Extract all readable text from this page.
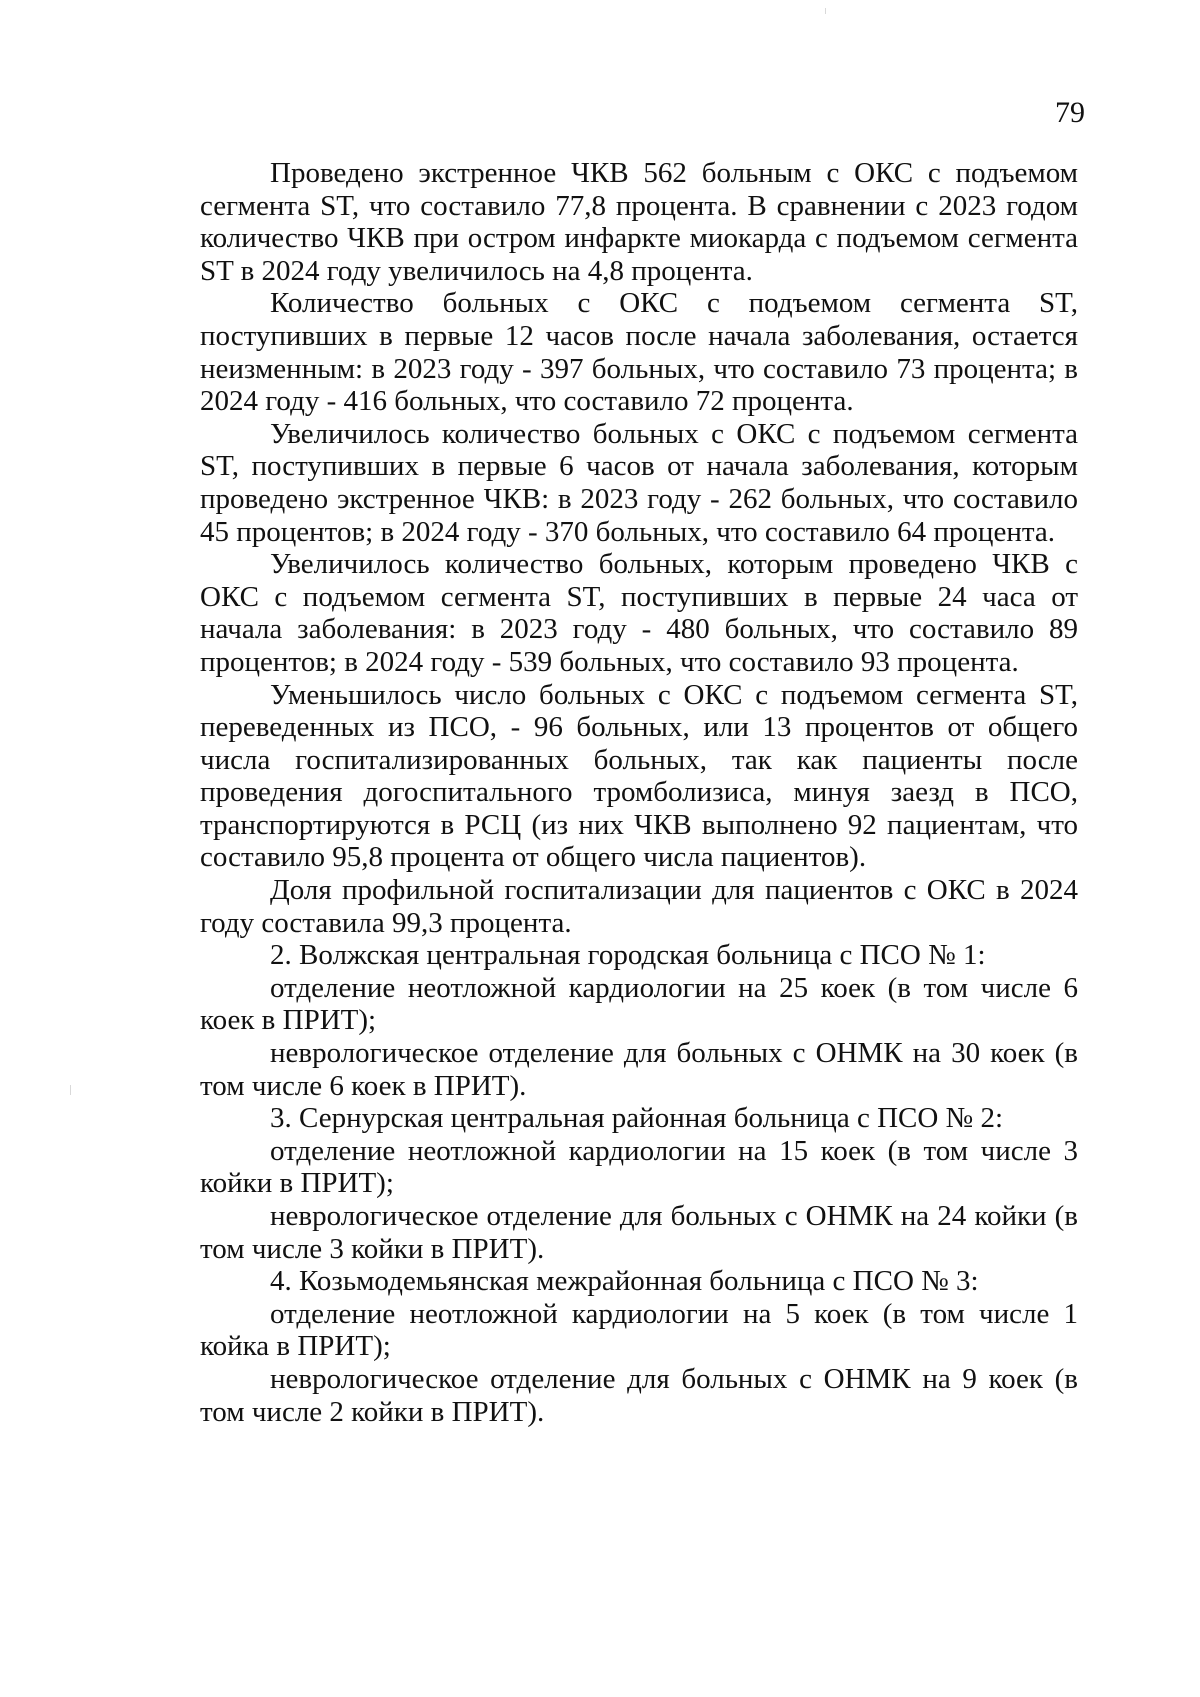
79

Проведено экстренное ЧКВ 562 больным с ОКС с подъемом сегмента ST, что составило 77,8 процента. В сравнении с 2023 годом количество ЧКВ при остром инфаркте миокарда с подъемом сегмента ST в 2024 году увеличилось на 4,8 процента.

Количество больных с ОКС с подъемом сегмента ST, поступивших в первые 12 часов после начала заболевания, остается неизменным: в 2023 году - 397 больных, что составило 73 процента; в 2024 году - 416 больных, что составило 72 процента.

Увеличилось количество больных с ОКС с подъемом сегмента ST, поступивших в первые 6 часов от начала заболевания, которым проведено экстренное ЧКВ: в 2023 году - 262 больных, что составило 45 процентов; в 2024 году - 370 больных, что составило 64 процента.

Увеличилось количество больных, которым проведено ЧКВ с ОКС с подъемом сегмента ST, поступивших в первые 24 часа от начала заболевания: в 2023 году - 480 больных, что составило 89 процентов; в 2024 году - 539 больных, что составило 93 процента.

Уменьшилось число больных с ОКС с подъемом сегмента ST, переведенных из ПСО, - 96 больных, или 13 процентов от общего числа госпитализированных больных, так как пациенты после проведения догоспитального тромболизиса, минуя заезд в ПСО, транспортируются в РСЦ (из них ЧКВ выполнено 92 пациентам, что составило 95,8 процента от общего числа пациентов).

Доля профильной госпитализации для пациентов с ОКС в 2024 году составила 99,3 процента.

2. Волжская центральная городская больница с ПСО № 1:

отделение неотложной кардиологии на 25 коек (в том числе 6 коек в ПРИТ);

неврологическое отделение для больных с ОНМК на 30 коек (в том числе 6 коек в ПРИТ).

3. Сернурская центральная районная больница с ПСО № 2:

отделение неотложной кардиологии на 15 коек (в том числе 3 койки в ПРИТ);

неврологическое отделение для больных с ОНМК на 24 койки (в том числе 3 койки в ПРИТ).

4. Козьмодемьянская межрайонная больница с ПСО № 3:

отделение неотложной кардиологии на 5 коек (в том числе 1 койка в ПРИТ);

неврологическое отделение для больных с ОНМК на 9 коек (в том числе 2 койки в ПРИТ).
